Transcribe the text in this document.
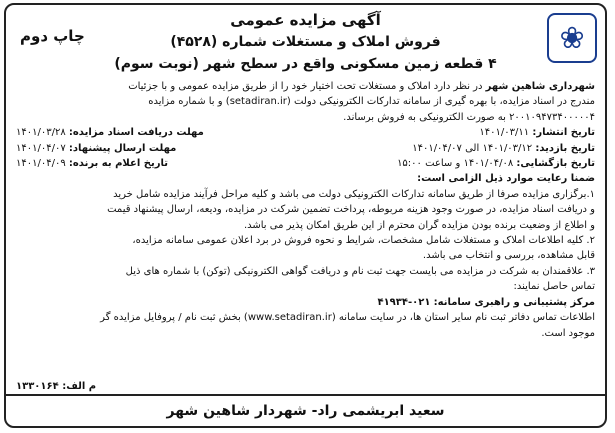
❀
آگهی مزایده عمومی
فروش املاک و مستغلات شماره (۴۵۲۸)
۴ قطعه زمین مسکونی واقع در سطح شهر (نوبت سوم)
چاپ دوم

شهرداری شاهین شهر در نظر دارد املاک و مستغلات تحت اختیار خود را از طریق مزایده عمومی و با جزئیات

مندرج در اسناد مزایده، با بهره گیری از سامانه تدارکات الکترونیکی دولت (setadiran.ir) و با شماره مزایده

۲۰۰۱۰۹۴۷۳۴۰۰۰۰۰۴ به صورت الکترونیکی به فروش برساند.

تاریخ انتشار: ۱۴۰۱/۰۳/۱۱
مهلت دریافت اسناد مزایده: ۱۴۰۱/۰۳/۲۸
تاریخ بازدید: ۱۴۰۱/۰۳/۱۲ الی ۱۴۰۱/۰۴/۰۷
مهلت ارسال پیشنهاد: ۱۴۰۱/۰۴/۰۷
تاریخ بازگشایی: ۱۴۰۱/۰۴/۰۸ و ساعت ۱۵:۰۰
تاریخ اعلام به برنده: ۱۴۰۱/۰۴/۰۹

ضمنا رعایت موارد ذیل الزامی است:

۱.برگزاری مزایده صرفا از طریق سامانه تدارکات الکترونیکی دولت می باشد و کلیه مراحل فرآیند مزایده شامل خرید

و دریافت اسناد مزایده، در صورت وجود هزینه مربوطه، پرداخت تضمین شرکت در مزایده، ودیعه، ارسال پیشنهاد قیمت

و اطلاع از وضعیت برنده بودن مزایده گران محترم از این طریق امکان پذیر می باشد.

۲. کلیه اطلاعات املاک و مستغلات شامل مشخصات، شرایط و نحوه فروش در برد اعلان عمومی سامانه مزایده،

قابل مشاهده، بررسی و انتخاب می باشد.

۳. علاقمندان به شرکت در مزایده می بایست جهت ثبت نام و دریافت گواهی الکترونیکی (توکن) با شماره های ذیل

تماس حاصل نمایند:

مرکز پشتیبانی و راهبری سامانه: ۰۲۱-۴۱۹۳۴

اطلاعات تماس دفاتر ثبت نام سایر استان ها، در سایت سامانه (www.setadiran.ir) بخش ثبت نام / پروفایل مزایده گر

موجود است.

م الف: ۱۳۳۰۱۶۴
سعید ابریشمی راد- شهردار شاهین شهر
